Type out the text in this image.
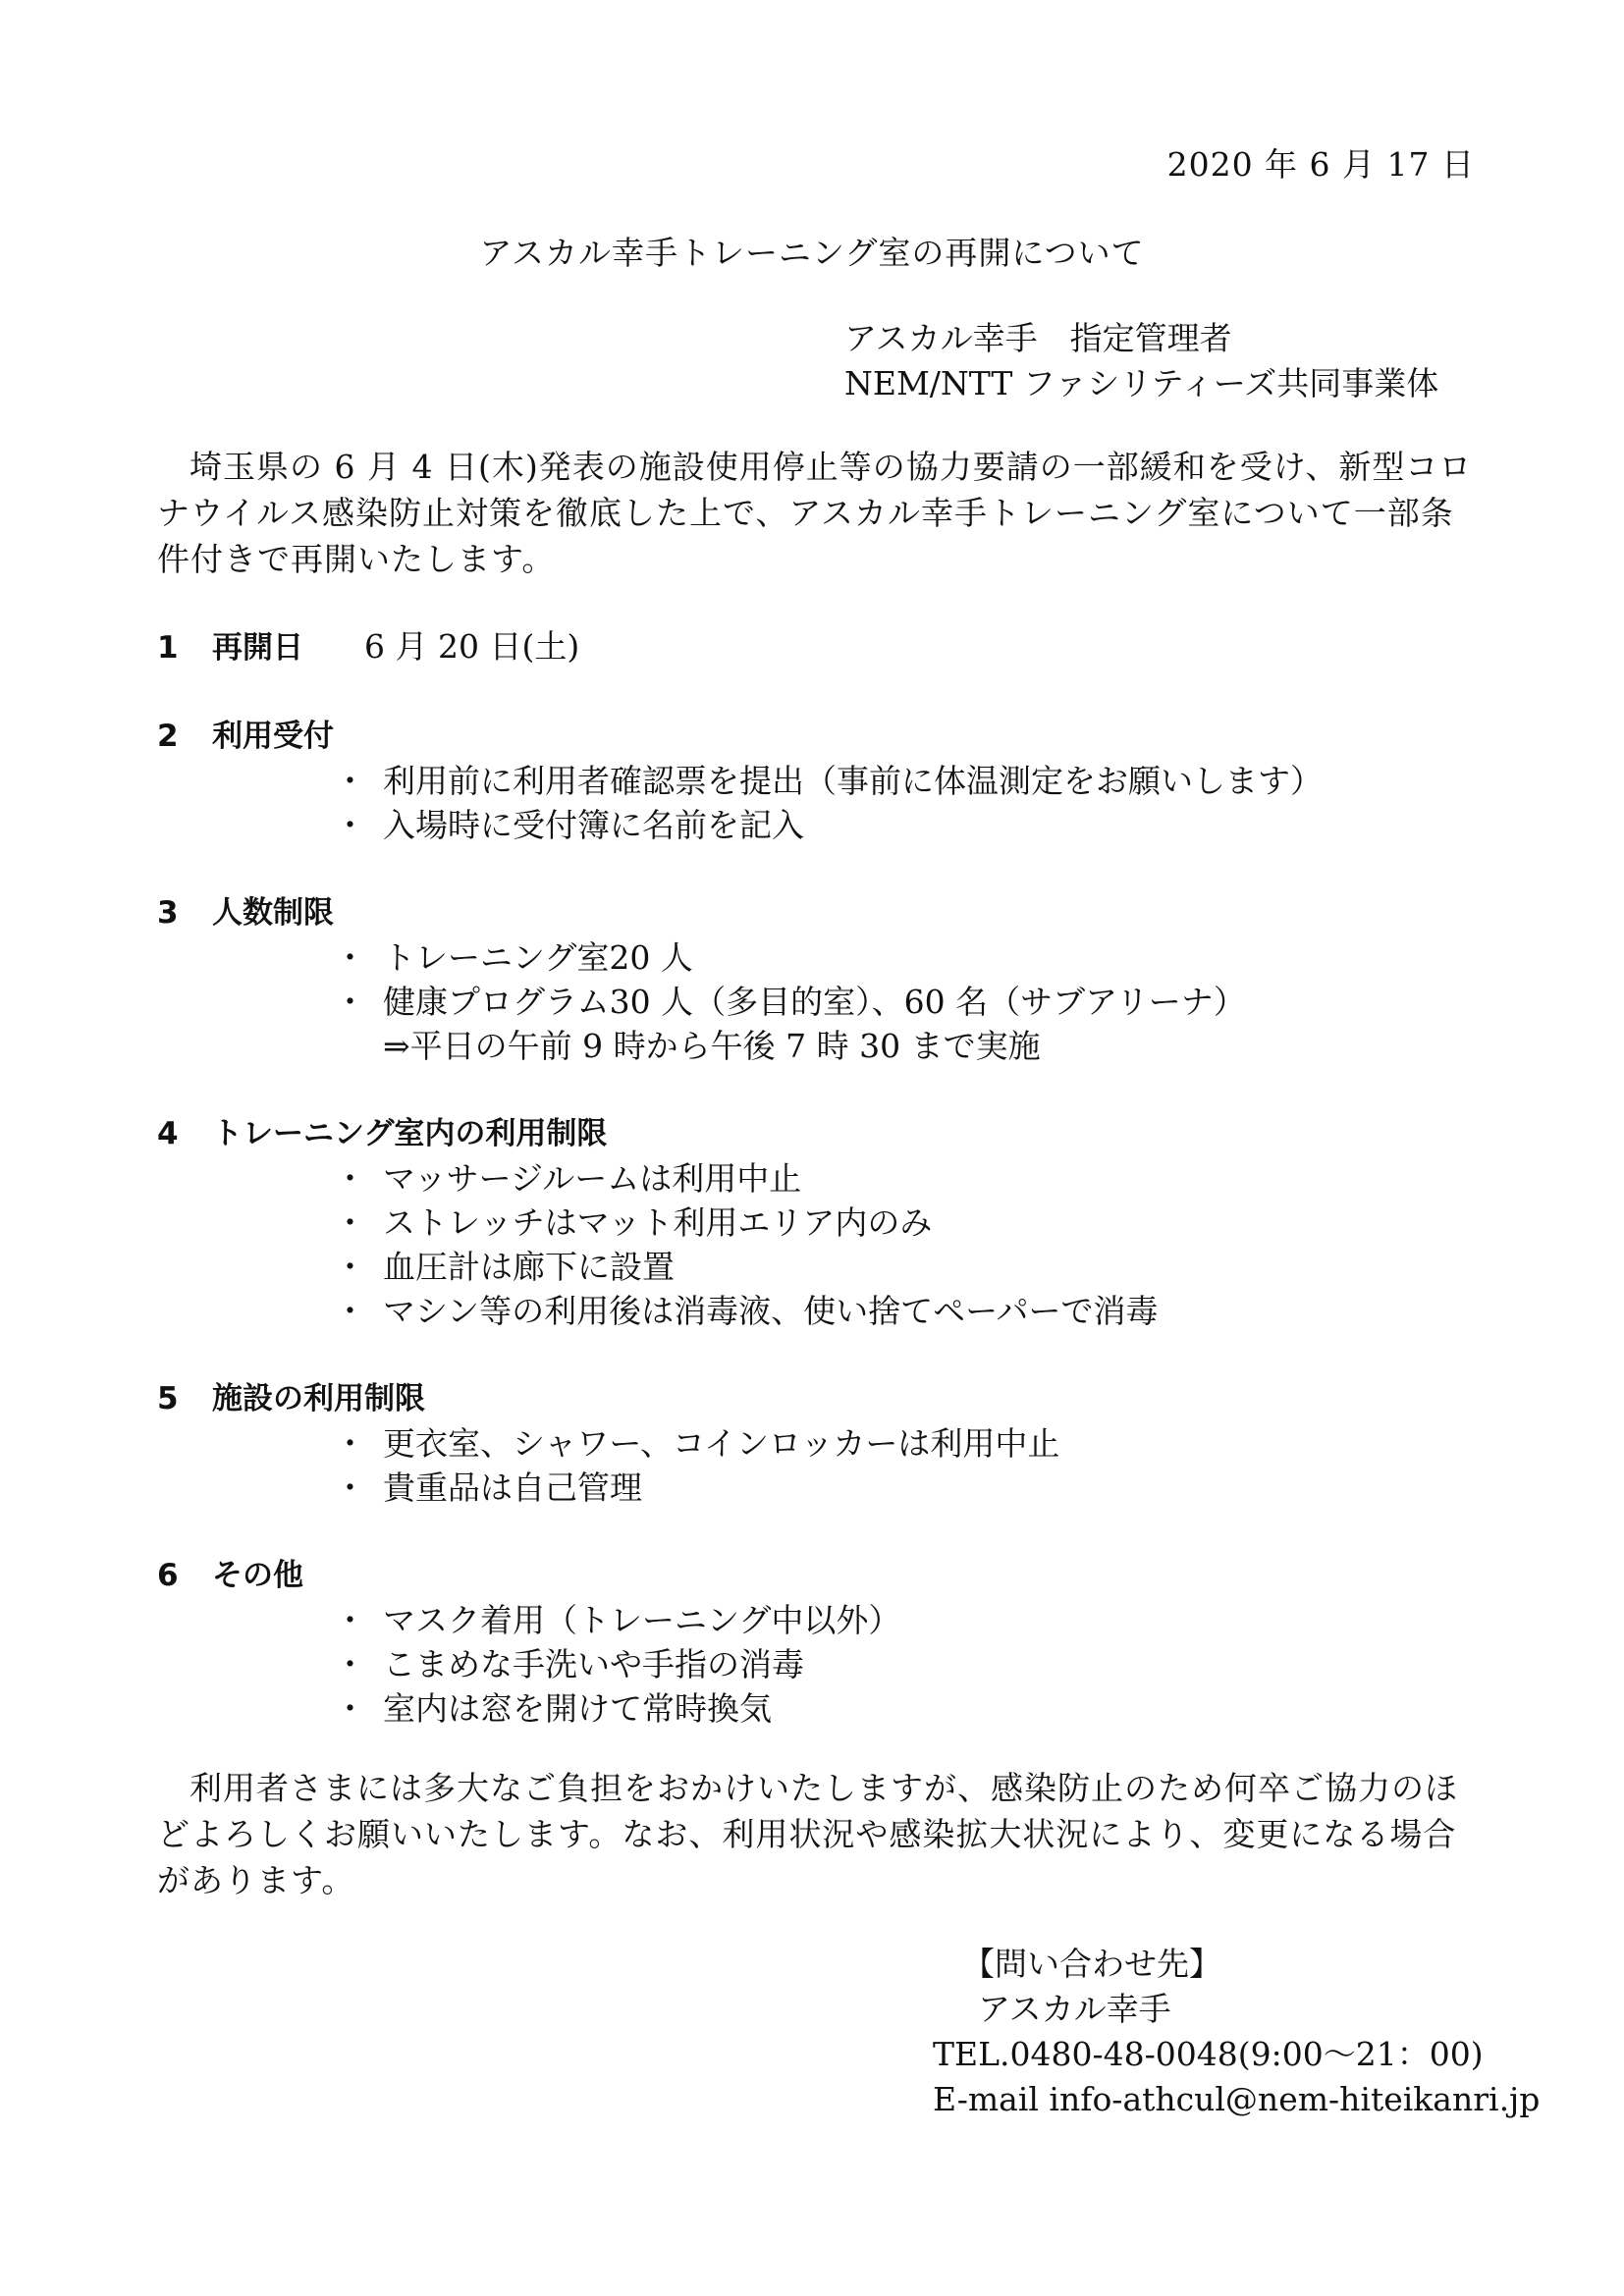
2020 年 6 月 17 日
アスカル幸手トレーニング室の再開について
アスカル幸手　指定管理者
NEM/NTT ファシリティーズ共同事業体

埼玉県の 6 月 4 日(木)発表の施設使用停止等の協力要請の一部緩和を受け、新型コロナウイルス感染防止対策を徹底した上で、アスカル幸手トレーニング室について一部条件付きで再開いたします。

1	再開日 6 月 20 日(土)
2	利用受付
・ 利用前に利用者確認票を提出（事前に体温測定をお願いします）
・ 入場時に受付簿に名前を記入
3	人数制限
・ トレーニング室20 人
・ 健康プログラム30 人（多目的室）、60 名（サブアリーナ）
⇒平日の午前 9 時から午後 7 時 30 まで実施
4	トレーニング室内の利用制限
・ マッサージルームは利用中止
・ ストレッチはマット利用エリア内のみ
・ 血圧計は廊下に設置
・ マシン等の利用後は消毒液、使い捨てペーパーで消毒
5	施設の利用制限
・ 更衣室、シャワー、コインロッカーは利用中止
・ 貴重品は自己管理
6	その他
・ マスク着用（トレーニング中以外）
・ こまめな手洗いや手指の消毒
・ 室内は窓を開けて常時換気

利用者さまには多大なご負担をおかけいたしますが、感染防止のため何卒ご協力のほどよろしくお願いいたします。なお、利用状況や感染拡大状況により、変更になる場合があります。

【問い合わせ先】
アスカル幸手
TEL.0480-48-0048(9:00〜21：00)
E-mail info-athcul@nem-hiteikanri.jp
